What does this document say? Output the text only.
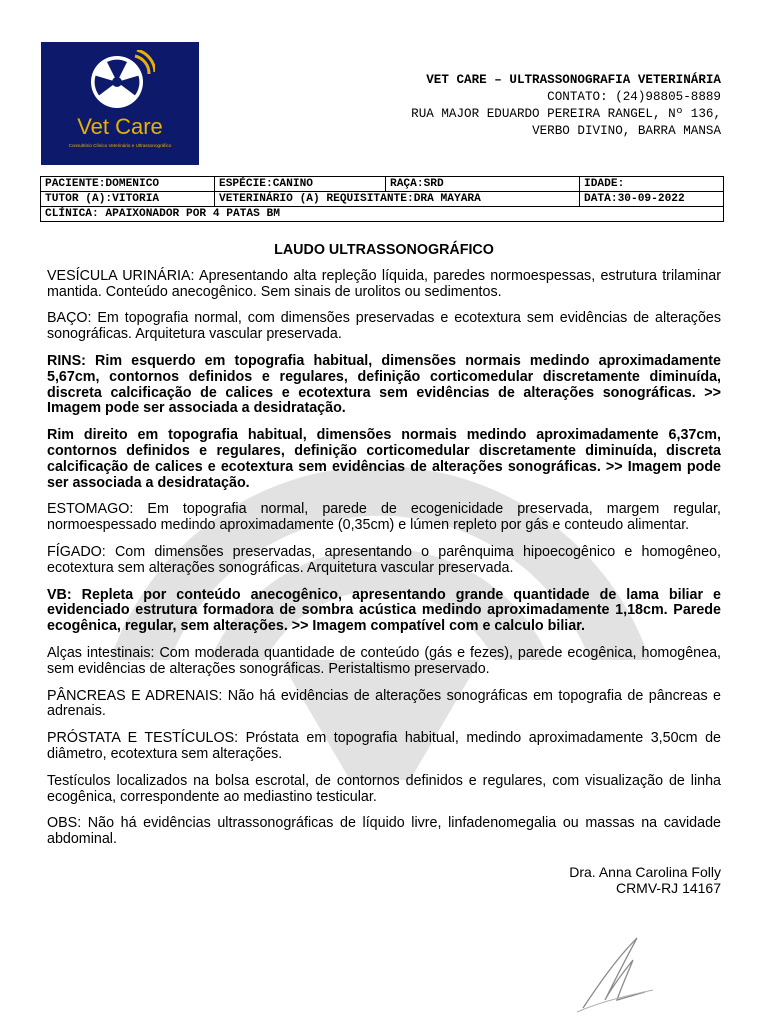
Vet Care
Consultório Clínico Veterinário e Ultrassonográfico
VET CARE – ULTRASSONOGRAFIA VETERINÁRIA
CONTATO: (24)98805-8889
RUA MAJOR EDUARDO PEREIRA RANGEL, Nº 136,
VERBO DIVINO, BARRA MANSA
PACIENTE:DOMENICO	ESPÉCIE:CANINO	RAÇA:SRD	IDADE:
TUTOR (A):VITORIA	VETERINÁRIO (A) REQUISITANTE:DRA MAYARA		DATA:30-09-2022
CLÍNICA: APAIXONADOR POR 4 PATAS BM			
LAUDO ULTRASSONOGRÁFICO

VESÍCULA URINÁRIA: Apresentando alta repleção líquida, paredes normoespessas, estrutura trilaminar mantida. Conteúdo anecogênico. Sem sinais de urolitos ou sedimentos.

BAÇO: Em topografia normal, com dimensões preservadas e ecotextura sem evidências de alterações sonográficas. Arquitetura vascular preservada.

RINS: Rim esquerdo em topografia habitual, dimensões normais medindo aproximadamente 5,67cm, contornos definidos e regulares, definição corticomedular discretamente diminuída, discreta calcificação de calices e ecotextura sem evidências de alterações sonográficas. >> Imagem pode ser associada a desidratação.

Rim direito em topografia habitual, dimensões normais medindo aproximadamente 6,37cm, contornos definidos e regulares, definição corticomedular discretamente diminuída, discreta calcificação de calices e ecotextura sem evidências de alterações sonográficas. >> Imagem pode ser associada a desidratação.

ESTOMAGO: Em topografia normal, parede de ecogenicidade preservada, margem regular, normoespessado medindo aproximadamente (0,35cm) e lúmen repleto por gás e conteudo alimentar.

FÍGADO: Com dimensões preservadas, apresentando o parênquima hipoecogênico e homogêneo, ecotextura sem alterações sonográficas. Arquitetura vascular preservada.

VB: Repleta por conteúdo anecogênico, apresentando grande quantidade de lama biliar e evidenciado estrutura formadora de sombra acústica medindo aproximadamente 1,18cm. Parede ecogênica, regular, sem alterações. >> Imagem compatível com e calculo biliar.

Alças intestinais: Com moderada quantidade de conteúdo (gás e fezes), parede ecogênica, homogênea, sem evidências de alterações sonográficas. Peristaltismo preservado.

PÂNCREAS E ADRENAIS: Não há evidências de alterações sonográficas em topografia de pâncreas e adrenais.

PRÓSTATA E TESTÍCULOS: Próstata em topografia habitual, medindo aproximadamente 3,50cm de diâmetro, ecotextura sem alterações.

Testículos localizados na bolsa escrotal, de contornos definidos e regulares, com visualização de linha ecogênica, correspondente ao mediastino testicular.

OBS: Não há evidências ultrassonográficas de líquido livre, linfadenomegalia ou massas na cavidade abdominal.

Dra. Anna Carolina Folly
CRMV-RJ 14167
